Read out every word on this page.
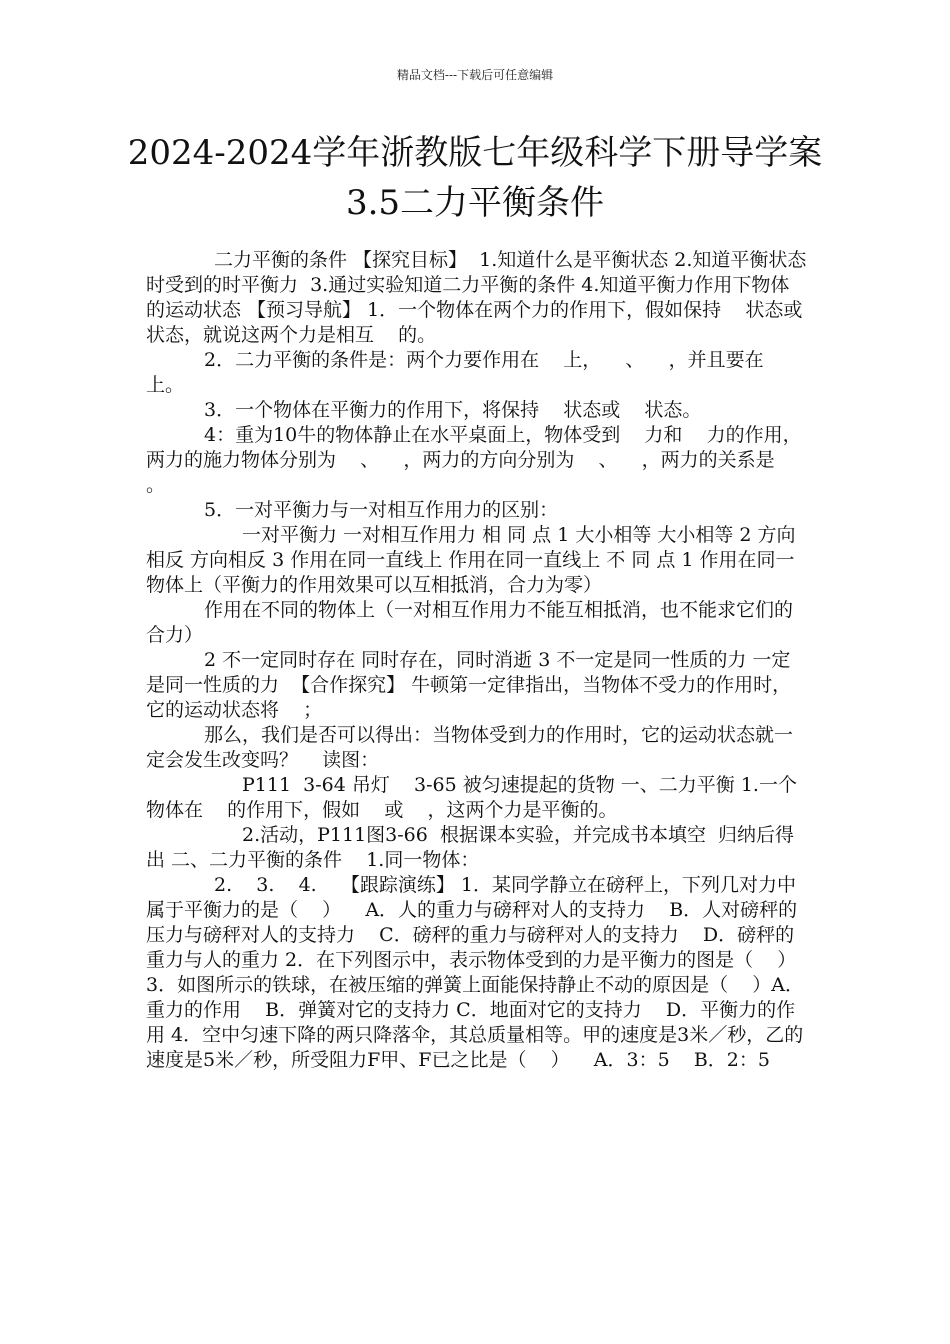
精品文档---下载后可任意编辑
2024-2024学年浙教版七年级科学下册导学案3.5二力平衡条件

二力平衡的条件 【探究目标】  1.知道什么是平衡状态 2.知道平衡状态时受到的时平衡力  3.通过实验知道二力平衡的条件 4.知道平衡力作用下物体的运动状态 【预习导航】 1．一个物体在两个力的作用下，假如保持    状态或    状态，就说这两个力是相互    的。

2．二力平衡的条件是：两个力要作用在    上，    、    ，并且要在    上。

3．一个物体在平衡力的作用下，将保持    状态或    状态。

4：重为10牛的物体静止在水平桌面上，物体受到    力和    力的作用，两力的施力物体分别为    、    ，两力的方向分别为    、    ，两力的关系是    。

5．一对平衡力与一对相互作用力的区别：

一对平衡力 一对相互作用力 相 同 点 1 大小相等 大小相等 2 方向相反 方向相反 3 作用在同一直线上 作用在同一直线上 不 同 点 1 作用在同一物体上（平衡力的作用效果可以互相抵消，合力为零）

作用在不同的物体上（一对相互作用力不能互相抵消，也不能求它们的合力）

2 不一定同时存在 同时存在，同时消逝 3 不一定是同一性质的力 一定是同一性质的力  【合作探究】 牛顿第一定律指出，当物体不受力的作用时，它的运动状态将    ；

那么，我们是否可以得出：当物体受到力的作用时，它的运动状态就一定会发生改变吗？    读图：

P111  3-64 吊灯    3-65 被匀速提起的货物 一、二力平衡 1.一个物体在    的作用下，假如    或    ，这两个力是平衡的。

2.活动，P111图3-66  根据课本实验，并完成书本填空  归纳后得出 二、二力平衡的条件    1.同一物体：

2.    3.    4.    【跟踪演练】 1．某同学静立在磅秤上，下列几对力中属于平衡力的是（    ）    A．人的重力与磅秤对人的支持力    B．人对磅秤的压力与磅秤对人的支持力    C．磅秤的重力与磅秤对人的支持力    D．磅秤的重力与人的重力 2．在下列图示中，表示物体受到的力是平衡力的图是（    ） 3．如图所示的铁球，在被压缩的弹簧上面能保持静止不动的原因是（    ）A．重力的作用    B．弹簧对它的支持力 C．地面对它的支持力    D．平衡力的作用 4．空中匀速下降的两只降落伞，其总质量相等。甲的速度是3米／秒，乙的速度是5米／秒，所受阻力F甲、F已之比是（    ）    A．3：5    B．2：5
